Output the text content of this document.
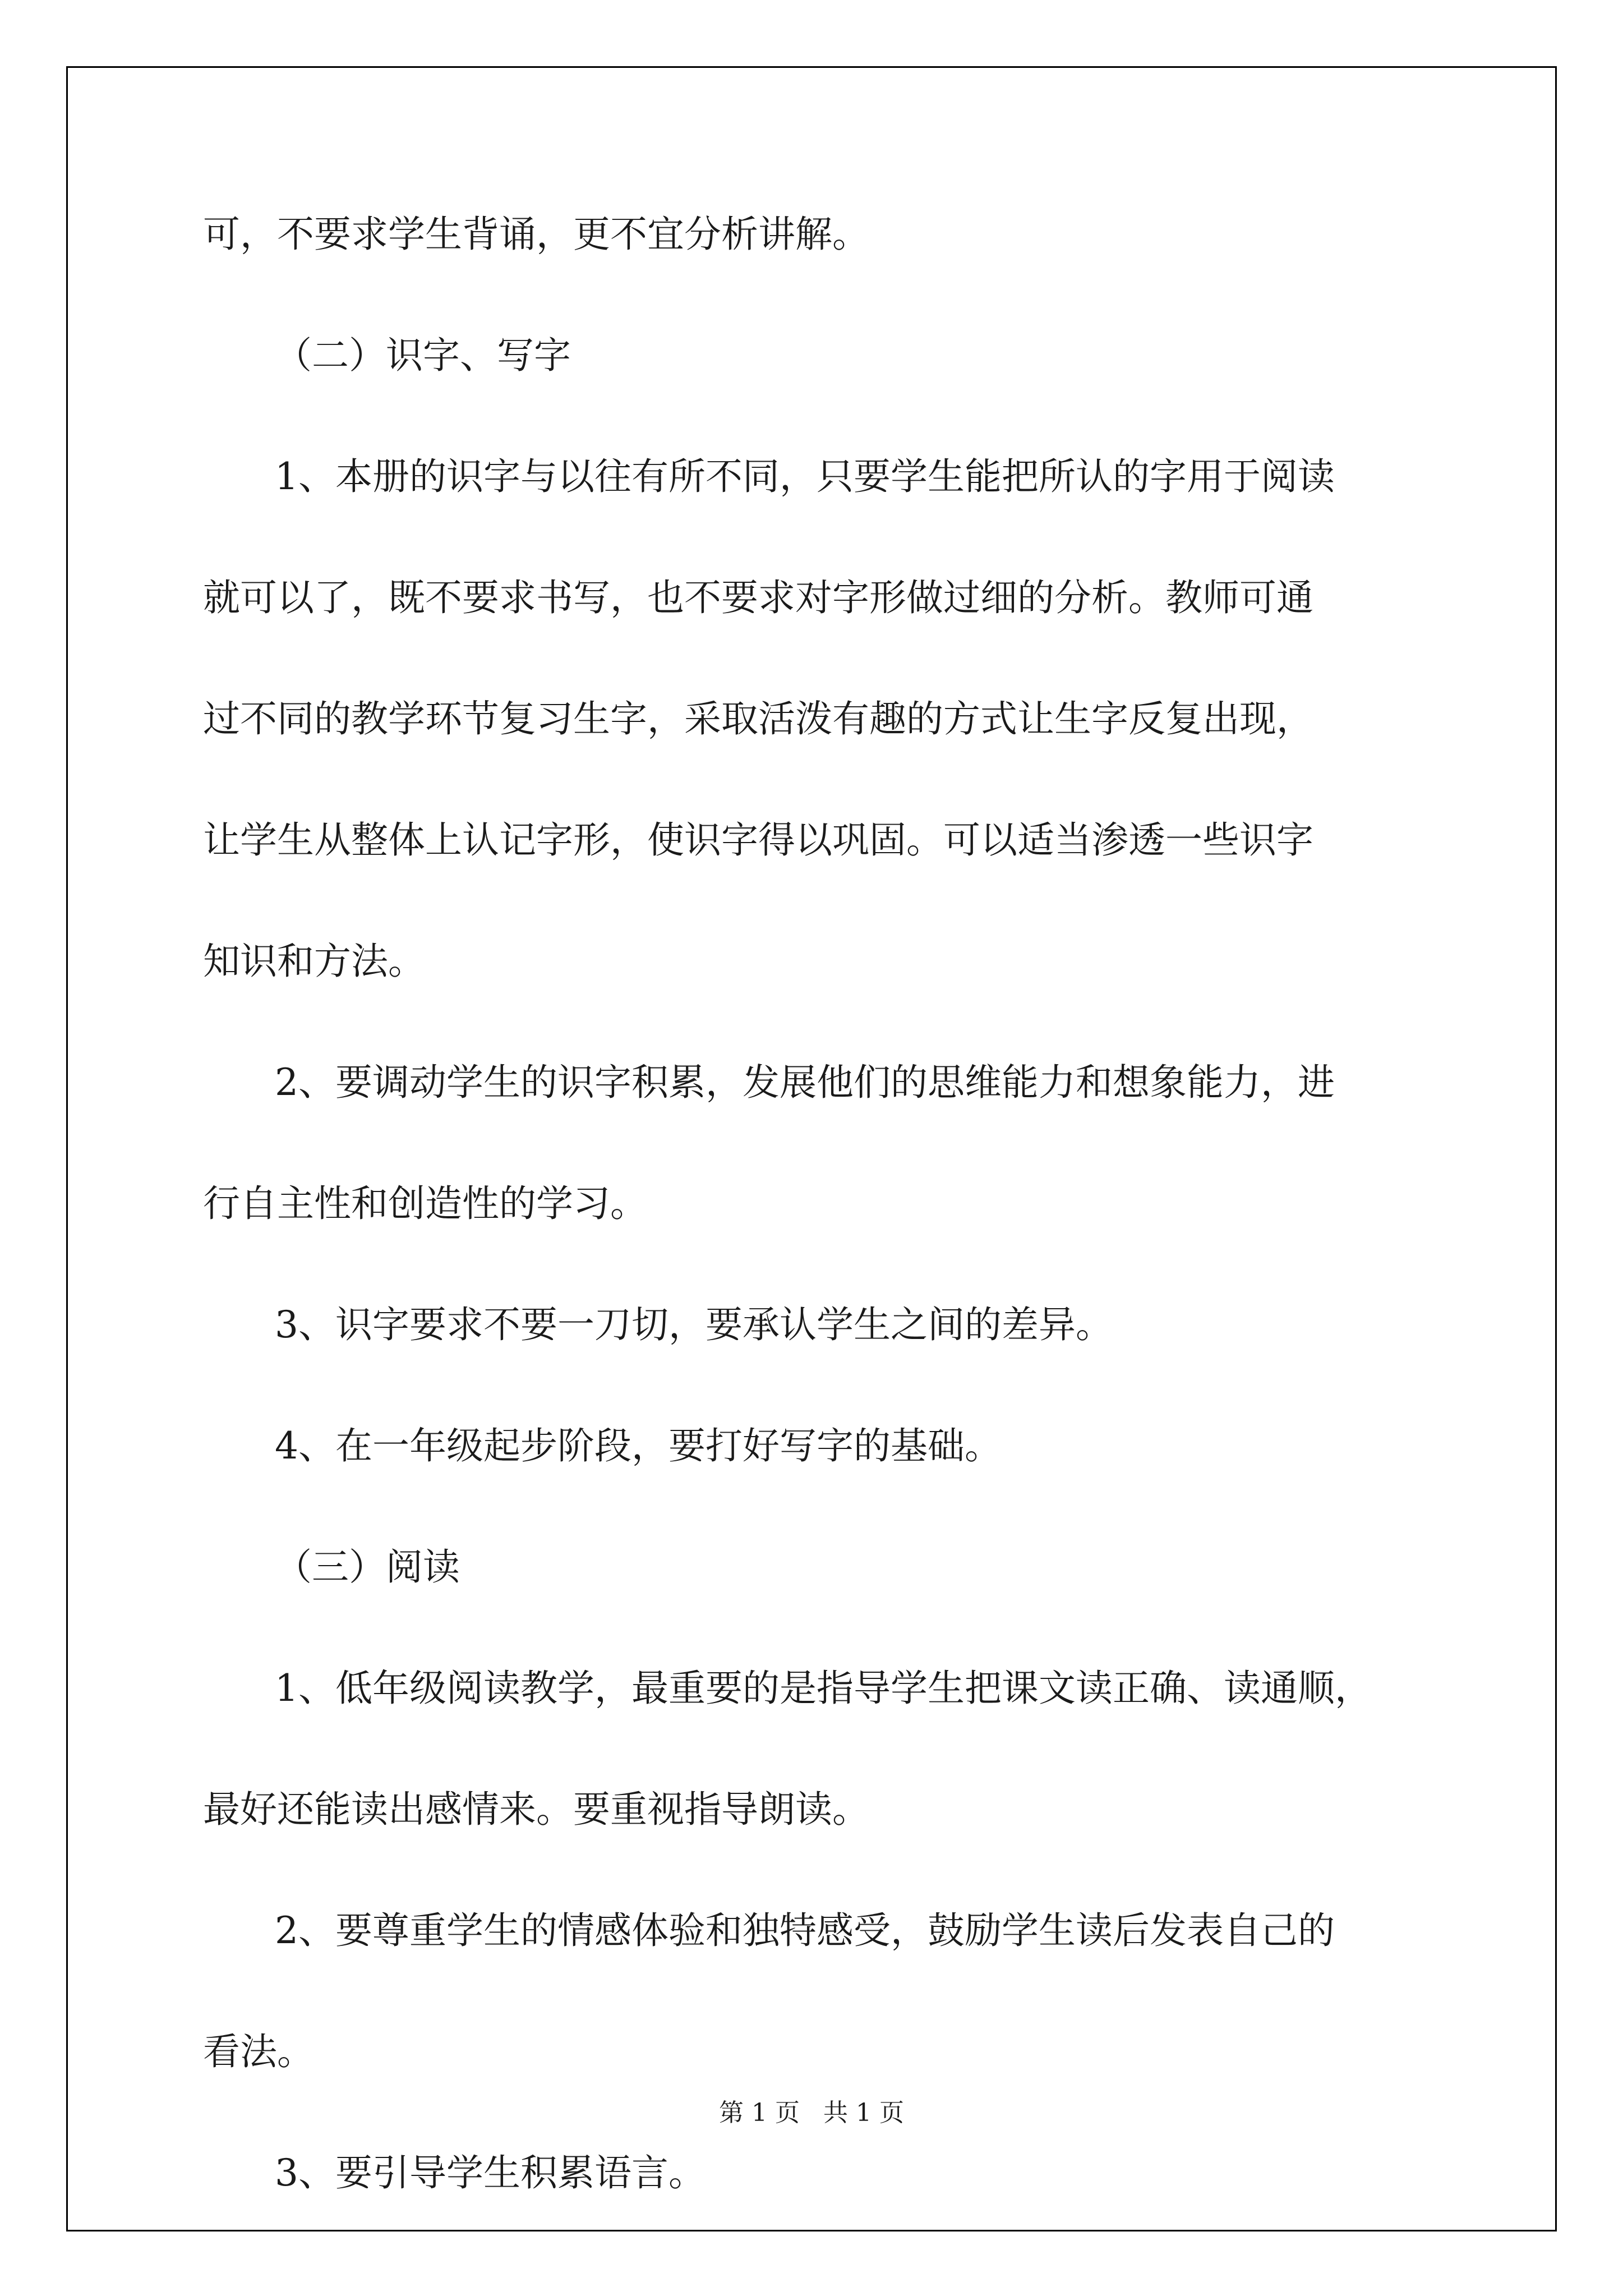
可，不要求学生背诵，更不宜分析讲解。
（二）识字、写字
1、本册的识字与以往有所不同，只要学生能把所认的字用于阅读
就可以了，既不要求书写，也不要求对字形做过细的分析。教师可通
过不同的教学环节复习生字，采取活泼有趣的方式让生字反复出现，
让学生从整体上认记字形，使识字得以巩固。可以适当渗透一些识字
知识和方法。
2、要调动学生的识字积累，发展他们的思维能力和想象能力，进
行自主性和创造性的学习。
3、识字要求不要一刀切，要承认学生之间的差异。
4、在一年级起步阶段，要打好写字的基础。
（三）阅读
1、低年级阅读教学，最重要的是指导学生把课文读正确、读通顺，
最好还能读出感情来。要重视指导朗读。
2、要尊重学生的情感体验和独特感受，鼓励学生读后发表自己的
看法。
3、要引导学生积累语言。
第 1 页 共 1 页
